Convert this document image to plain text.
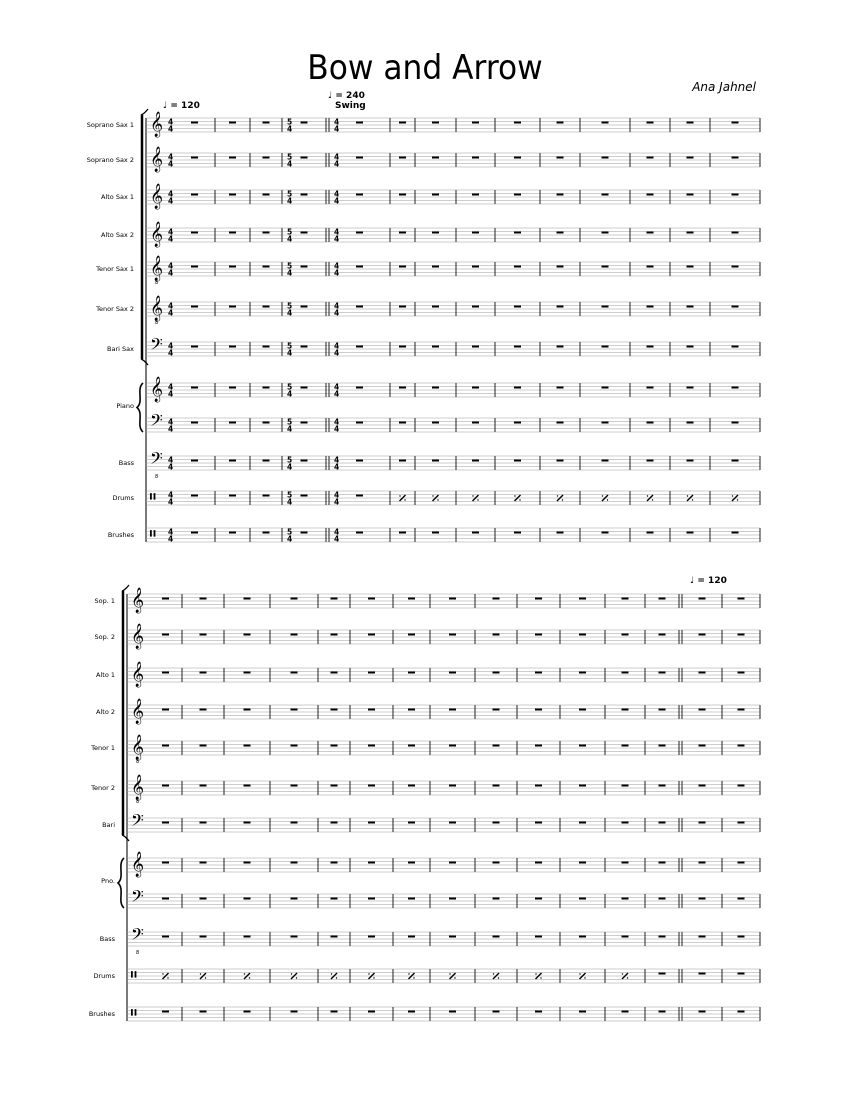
Bow and Arrow	Ana Jahnel
♩ = 120
♩ = 240
Swing
♩ = 120
Soprano Sax 1
Soprano Sax 2
Alto Sax 1
Alto Sax 2
Tenor Sax 1
Tenor Sax 2
Bari Sax
Piano
Bass
Drums
Brushes
Sop. 1
Sop. 2
Alto 1
Alto 2
Tenor 1
Tenor 2
Bari
Pno.
Bass
Drums
Brushes
𝄞 4
4
5
4
4
4
𝄞 4
4
5
4
4
4
𝄞 4
4
5
4
4
4
𝄞 4
4
5
4
4
4
𝄞
8
4
4
5
4
4
4
𝄞
8
4
4
5
4
4
4
𝄢 4
4
5
4
4
4
𝄞 4
4
5
4
4
4
𝄢 4
4
5
4
4
4
𝄢
8
4
4
5
4
4
4
𝄥 4
4
5
4
4
4
𝄥 4
4
5
4
4
4
𝄞
𝄞
𝄞
𝄞
𝄞
8
𝄞
8
𝄢
𝄞
𝄢
𝄢
8
𝄥
𝄥
